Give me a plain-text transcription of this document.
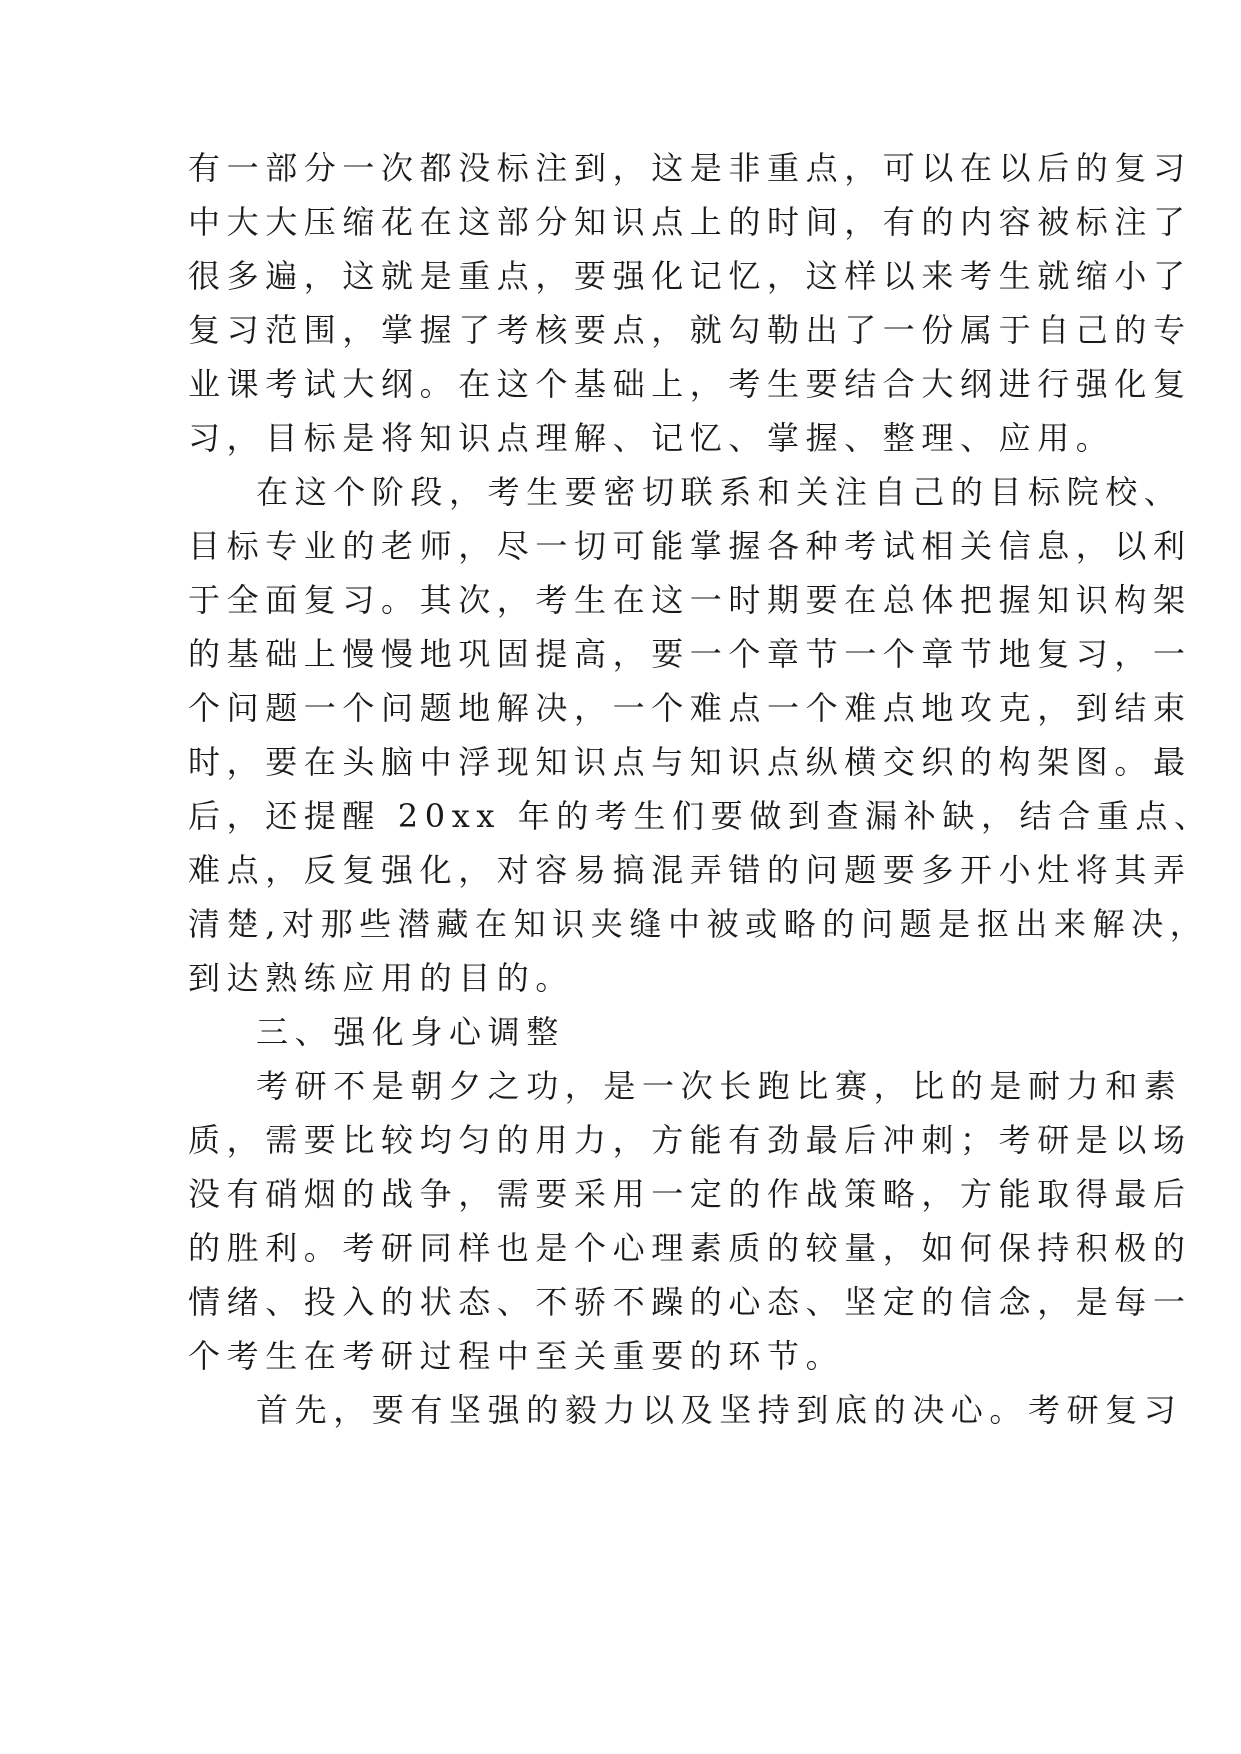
有一部分一次都没标注到，这是非重点，可以在以后的复习
中大大压缩花在这部分知识点上的时间，有的内容被标注了
很多遍，这就是重点，要强化记忆，这样以来考生就缩小了
复习范围，掌握了考核要点，就勾勒出了一份属于自己的专
业课考试大纲。在这个基础上，考生要结合大纲进行强化复
习，目标是将知识点理解、记忆、掌握、整理、应用。
在这个阶段，考生要密切联系和关注自己的目标院校、
目标专业的老师，尽一切可能掌握各种考试相关信息，以利
于全面复习。其次，考生在这一时期要在总体把握知识构架
的基础上慢慢地巩固提高，要一个章节一个章节地复习，一
个问题一个问题地解决，一个难点一个难点地攻克，到结束
时，要在头脑中浮现知识点与知识点纵横交织的构架图。最
后，还提醒 20xx 年的考生们要做到查漏补缺，结合重点、
难点，反复强化，对容易搞混弄错的问题要多开小灶将其弄
清楚,对那些潜藏在知识夹缝中被或略的问题是抠出来解决，
到达熟练应用的目的。
三、强化身心调整
考研不是朝夕之功，是一次长跑比赛，比的是耐力和素
质，需要比较均匀的用力，方能有劲最后冲刺；考研是以场
没有硝烟的战争，需要采用一定的作战策略，方能取得最后
的胜利。考研同样也是个心理素质的较量，如何保持积极的
情绪、投入的状态、不骄不躁的心态、坚定的信念，是每一
个考生在考研过程中至关重要的环节。
首先，要有坚强的毅力以及坚持到底的决心。考研复习
